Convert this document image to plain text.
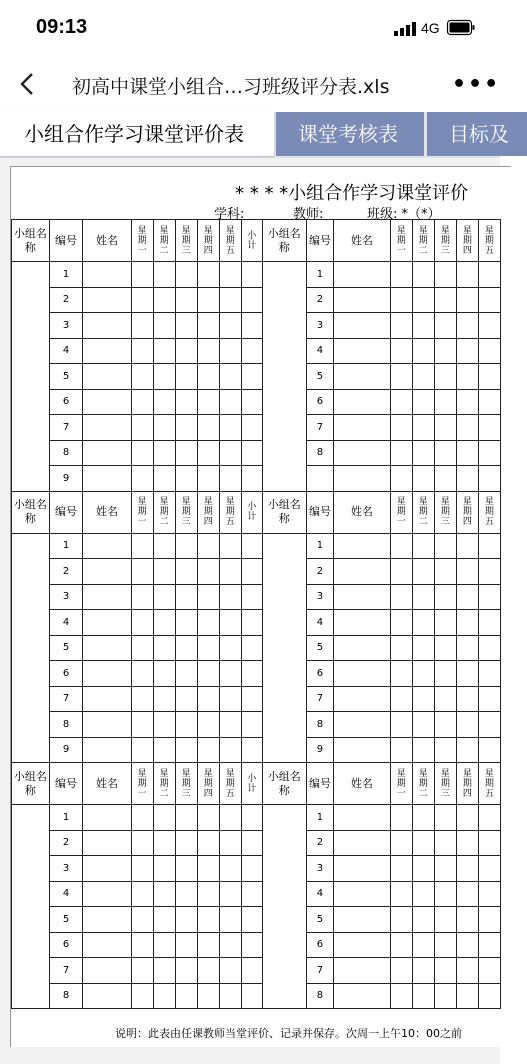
09:13	4G
初高中课堂小组合…习班级评分表.xls	•••
小组合作学习课堂评价表	课堂考核表	目标及
* * * *小组合作学习课堂评价
学科:	教师:	班级: *（*）
小组名称	编号	姓名	星期一	星期二	星期三	星期四	星期五	小计	小组名称	编号	姓名	星期一	星期二	星期三	星期四	星期五
	1									1						
	2									2						
	3									3						
	4									4						
	5									5						
	6									6						
	7									7						
	8									8						
	9															
小组名称	编号	姓名	星期一	星期二	星期三	星期四	星期五	小计	小组名称	编号	姓名	星期一	星期二	星期三	星期四	星期五
	1									1						
	2									2						
	3									3						
	4									4						
	5									5						
	6									6						
	7									7						
	8									8						
	9									9						
小组名称	编号	姓名	星期一	星期二	星期三	星期四	星期五	小计	小组名称	编号	姓名	星期一	星期二	星期三	星期四	星期五
	1									1						
	2									2						
	3									3						
	4									4						
	5									5						
	6									6						
	7									7						
	8									8						
说明：此表由任课教师当堂评价、记录并保存。次周一上午10：00之前
